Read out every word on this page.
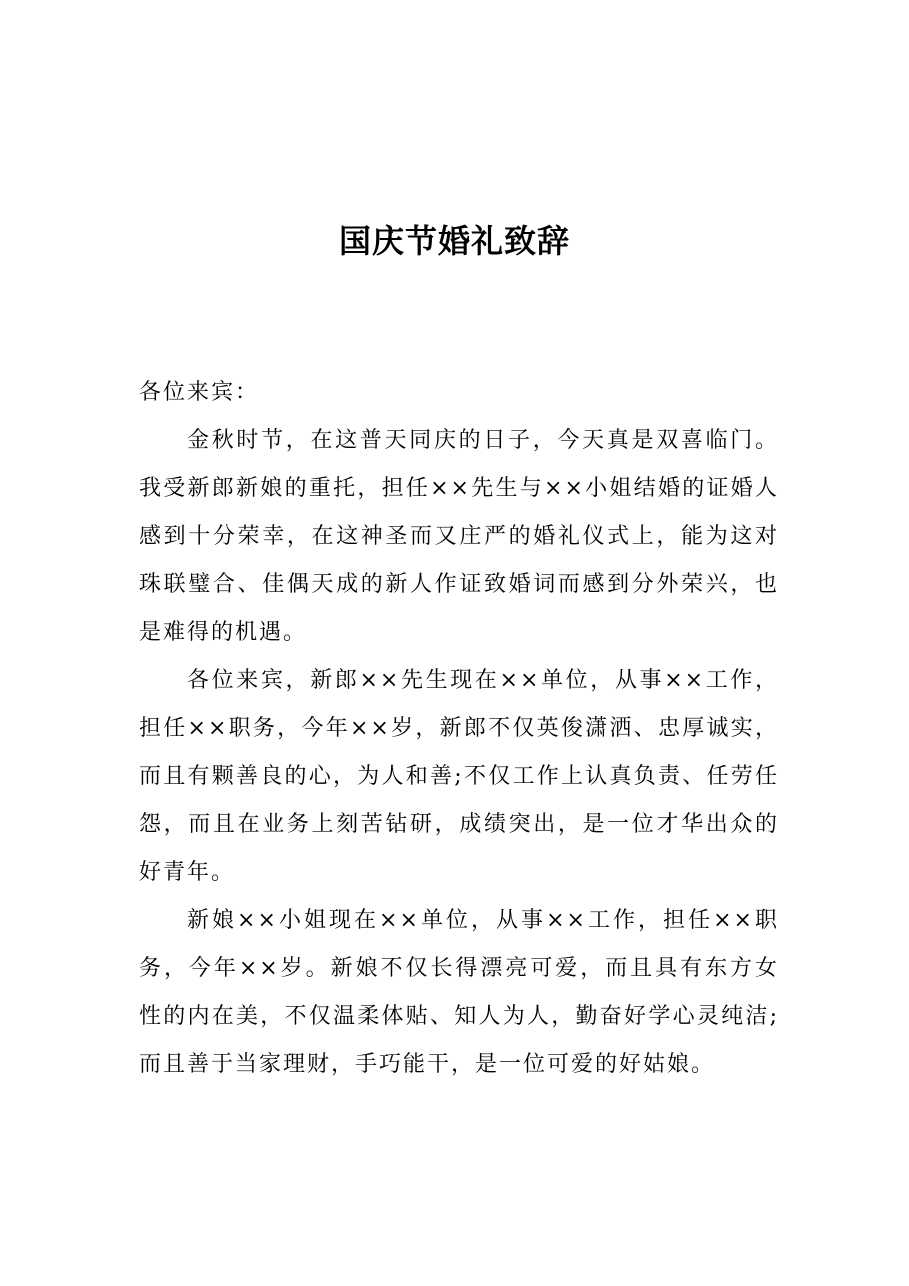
国庆节婚礼致辞

各位来宾：

金秋时节，在这普天同庆的日子，今天真是双喜临门。我受新郎新娘的重托，担任××先生与××小姐结婚的证婚人感到十分荣幸，在这神圣而又庄严的婚礼仪式上，能为这对珠联璧合、佳偶天成的新人作证致婚词而感到分外荣兴，也是难得的机遇。

各位来宾，新郎××先生现在××单位，从事××工作，担任××职务，今年××岁，新郎不仅英俊潇洒、忠厚诚实，而且有颗善良的心，为人和善;不仅工作上认真负责、任劳任怨，而且在业务上刻苦钻研，成绩突出，是一位才华出众的好青年。

新娘××小姐现在××单位，从事××工作，担任××职务，今年××岁。新娘不仅长得漂亮可爱，而且具有东方女性的内在美，不仅温柔体贴、知人为人，勤奋好学心灵纯洁;而且善于当家理财，手巧能干，是一位可爱的好姑娘。
